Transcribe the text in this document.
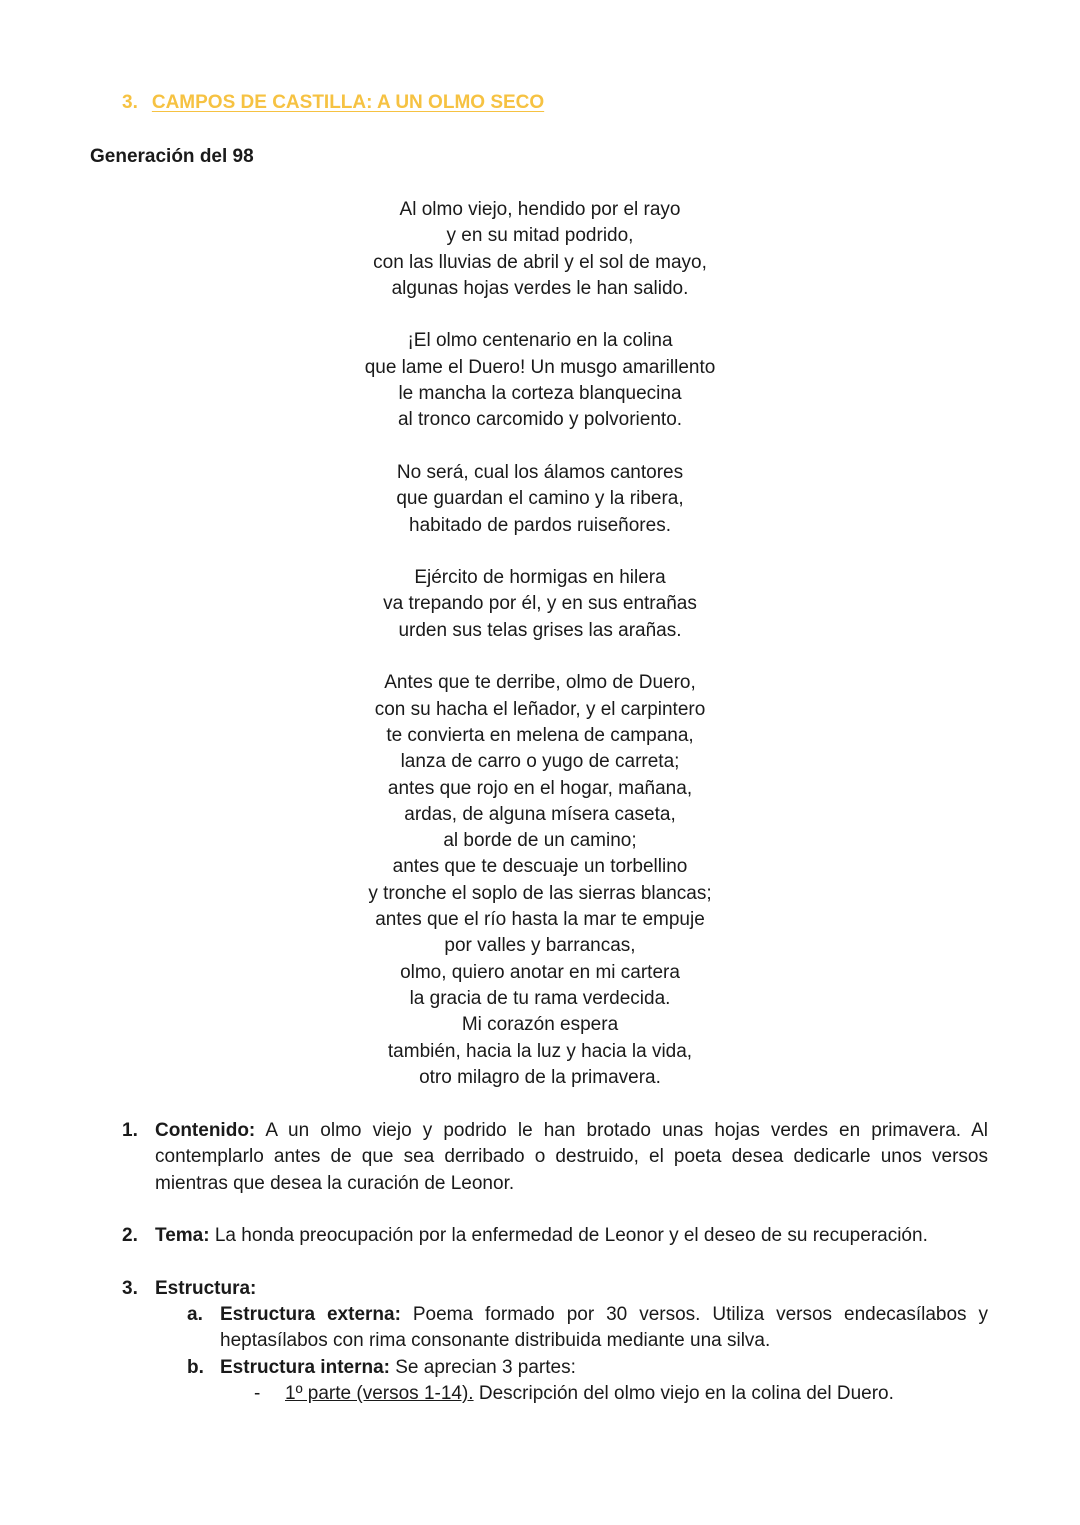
3. CAMPOS DE CASTILLA: A UN OLMO SECO
Generación del 98
Al olmo viejo, hendido por el rayo
y en su mitad podrido,
con las lluvias de abril y el sol de mayo,
algunas hojas verdes le han salido.
¡El olmo centenario en la colina
que lame el Duero! Un musgo amarillento
le mancha la corteza blanquecina
al tronco carcomido y polvoriento.
No será, cual los álamos cantores
que guardan el camino y la ribera,
habitado de pardos ruiseñores.
Ejército de hormigas en hilera
va trepando por él, y en sus entrañas
urden sus telas grises las arañas.
Antes que te derribe, olmo de Duero,
con su hacha el leñador, y el carpintero
te convierta en melena de campana,
lanza de carro o yugo de carreta;
antes que rojo en el hogar, mañana,
ardas, de alguna mísera caseta,
al borde de un camino;
antes que te descuaje un torbellino
y tronche el soplo de las sierras blancas;
antes que el río hasta la mar te empuje
por valles y barrancas,
olmo, quiero anotar en mi cartera
la gracia de tu rama verdecida.
Mi corazón espera
también, hacia la luz y hacia la vida,
otro milagro de la primavera.
1. Contenido: A un olmo viejo y podrido le han brotado unas hojas verdes en primavera. Al contemplarlo antes de que sea derribado o destruido, el poeta desea dedicarle unos versos mientras que desea la curación de Leonor.
2. Tema: La honda preocupación por la enfermedad de Leonor y el deseo de su recuperación.
3. Estructura:
a. Estructura externa: Poema formado por 30 versos. Utiliza versos endecasílabos y heptasílabos con rima consonante distribuida mediante una silva.
b. Estructura interna: Se aprecian 3 partes:
- 1º parte (versos 1-14). Descripción del olmo viejo en la colina del Duero.
